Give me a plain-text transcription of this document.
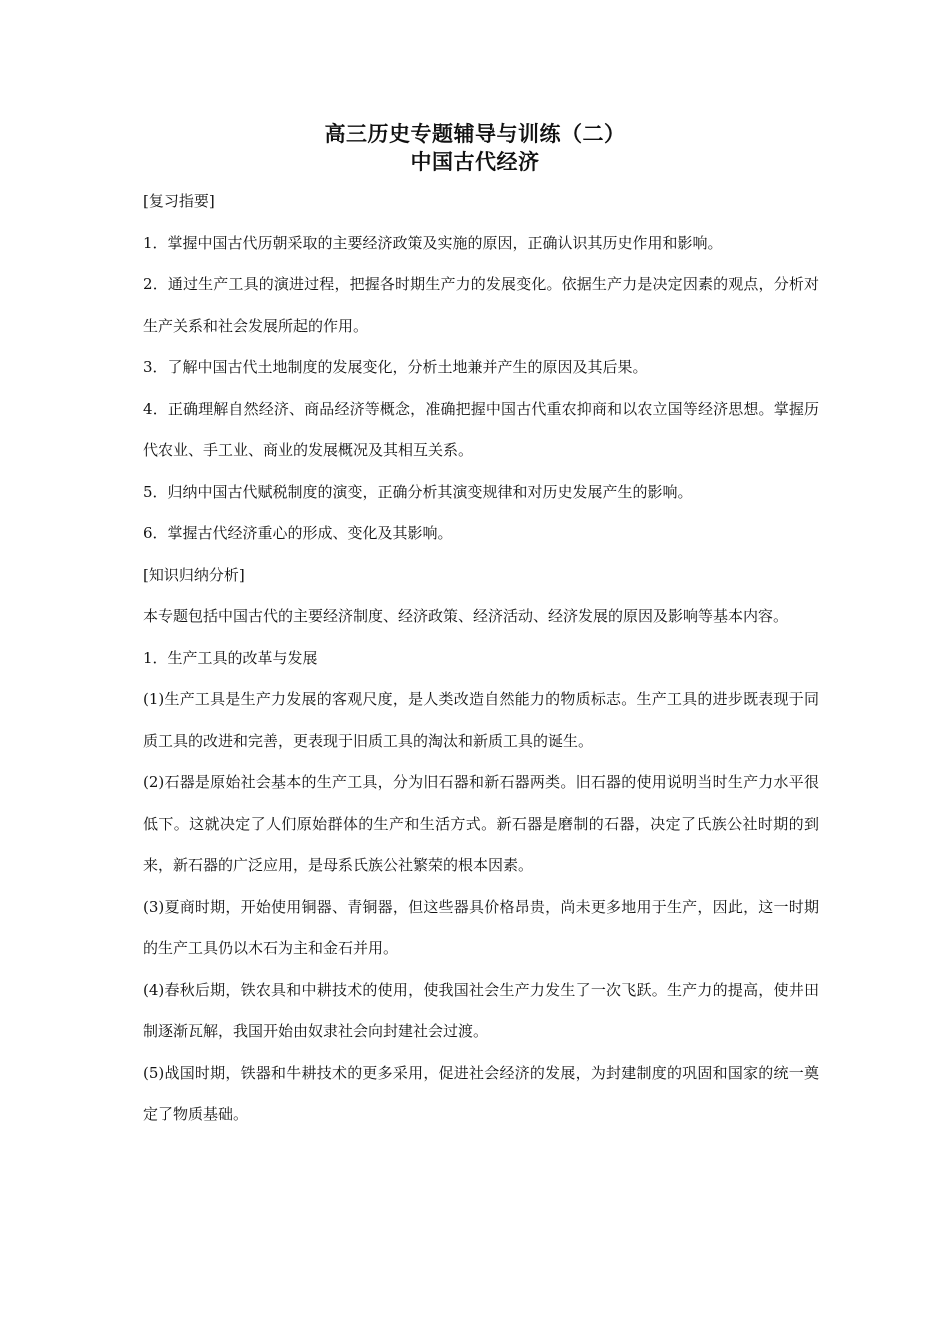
高三历史专题辅导与训练（二）
中国古代经济

[复习指要]

1．掌握中国古代历朝采取的主要经济政策及实施的原因，正确认识其历史作用和影响。

2．通过生产工具的演进过程，把握各时期生产力的发展变化。依据生产力是决定因素的观点，分析对生产关系和社会发展所起的作用。

3．了解中国古代土地制度的发展变化，分析土地兼并产生的原因及其后果。

4．正确理解自然经济、商品经济等概念，准确把握中国古代重农抑商和以农立国等经济思想。掌握历代农业、手工业、商业的发展概况及其相互关系。

5．归纳中国古代赋税制度的演变，正确分析其演变规律和对历史发展产生的影响。

6．掌握古代经济重心的形成、变化及其影响。

[知识归纳分析]

本专题包括中国古代的主要经济制度、经济政策、经济活动、经济发展的原因及影响等基本内容。

1．生产工具的改革与发展

(1)生产工具是生产力发展的客观尺度，是人类改造自然能力的物质标志。生产工具的进步既表现于同质工具的改进和完善，更表现于旧质工具的淘汰和新质工具的诞生。

(2)石器是原始社会基本的生产工具，分为旧石器和新石器两类。旧石器的使用说明当时生产力水平很低下。这就决定了人们原始群体的生产和生活方式。新石器是磨制的石器，决定了氏族公社时期的到来，新石器的广泛应用，是母系氏族公社繁荣的根本因素。

(3)夏商时期，开始使用铜器、青铜器，但这些器具价格昂贵，尚未更多地用于生产，因此，这一时期的生产工具仍以木石为主和金石并用。

(4)春秋后期，铁农具和中耕技术的使用，使我国社会生产力发生了一次飞跃。生产力的提高，使井田制逐渐瓦解，我国开始由奴隶社会向封建社会过渡。

(5)战国时期，铁器和牛耕技术的更多采用，促进社会经济的发展，为封建制度的巩固和国家的统一奠定了物质基础。
